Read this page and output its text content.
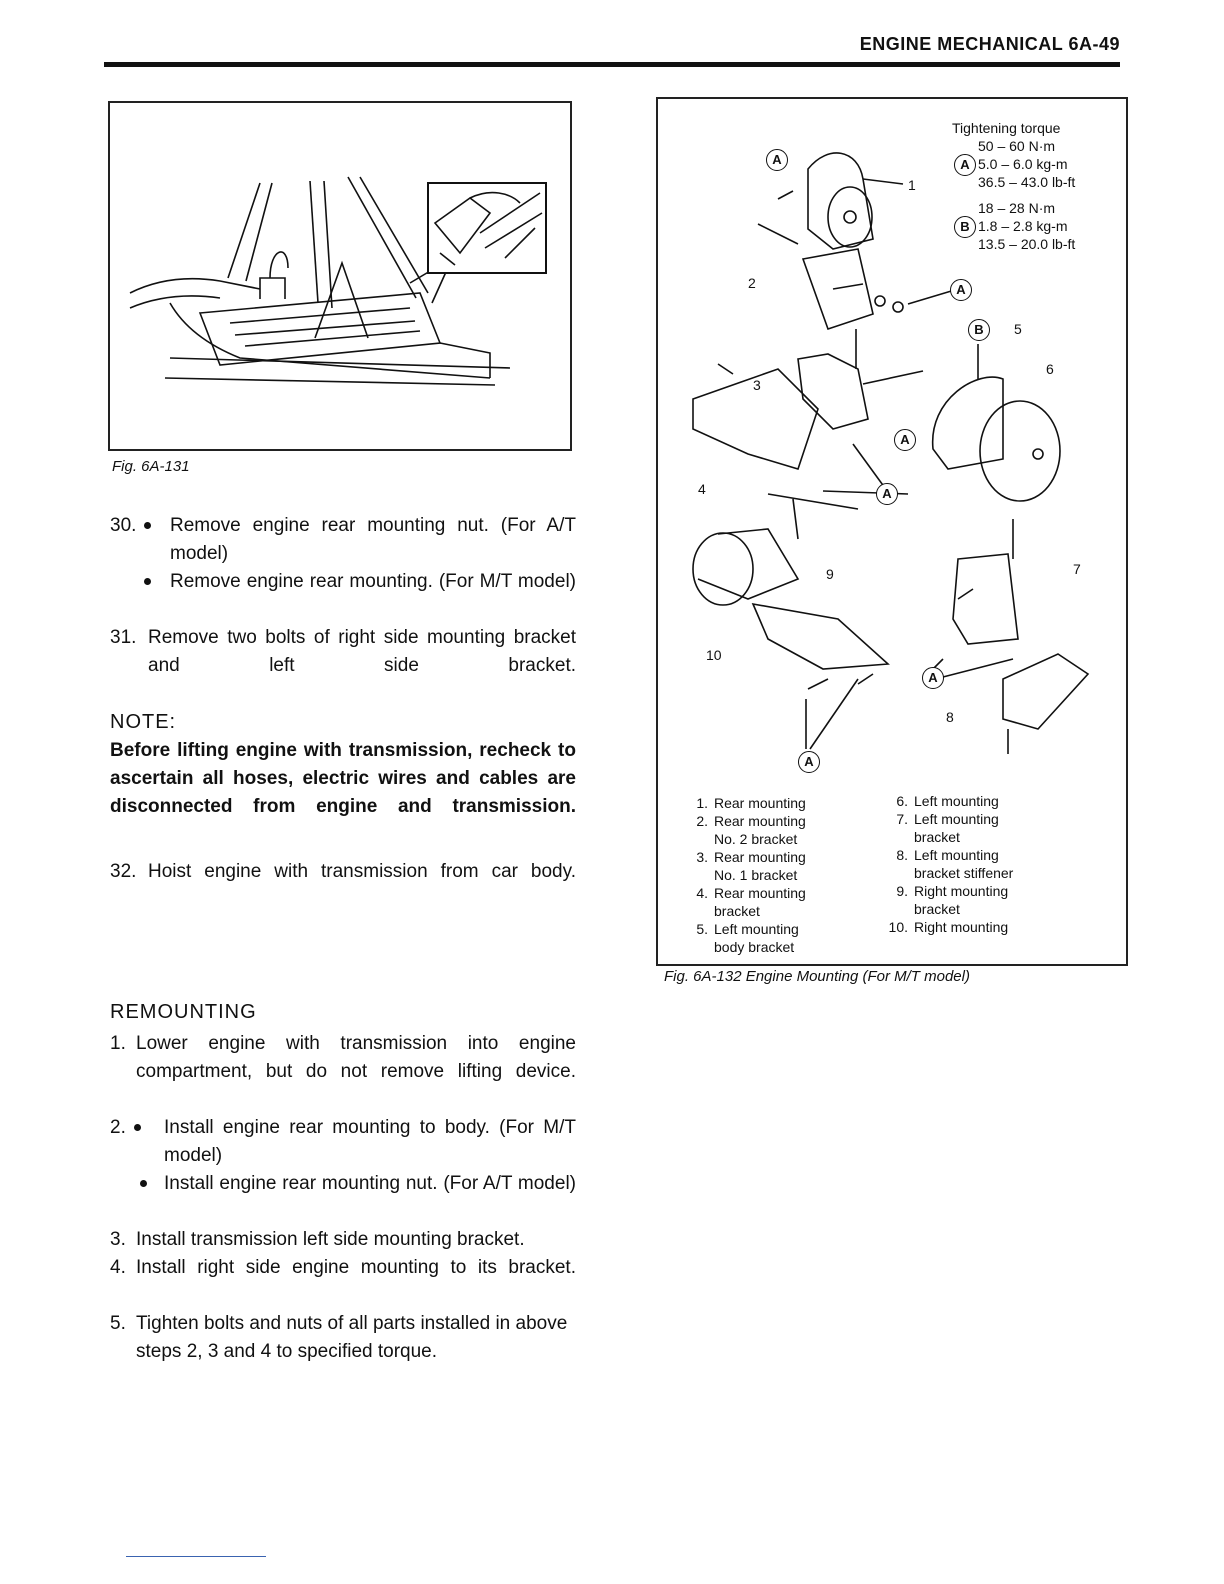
ENGINE MECHANICAL 6A-49
Fig. 6A-131
30.	Remove engine rear mounting nut. (For A/T model)
Remove engine rear mounting. (For M/T model)
31. Remove two bolts of right side mounting bracket and left side bracket.
NOTE:
Before lifting engine with transmission, recheck to ascertain all hoses, electric wires and cables are disconnected from engine and transmission.
32. Hoist engine with transmission from car body.
REMOUNTING
1. Lower engine with transmission into engine compartment, but do not remove lifting device.
2.	Install engine rear mounting to body. (For M/T model)
Install engine rear mounting nut. (For A/T model)
3. Install transmission left side mounting bracket.
4. Install right side engine mounting to its bracket.
5. Tighten bolts and nuts of all parts installed in above steps 2, 3 and 4 to specified torque.
Tightening torque
50 – 60 N·m
A 5.0 – 6.0 kg-m
36.5 – 43.0 lb-ft
18 – 28 N·m
B 1.8 – 2.8 kg-m
13.5 – 20.0 lb-ft
A
A
B
A
A
A
A
1
2
3
4
5
6
7
8
9
10
1. Rear mounting
2. Rear mounting
No. 2 bracket
3. Rear mounting
No. 1 bracket
4. Rear mounting
bracket
5. Left mounting
body bracket
6. Left mounting
7. Left mounting
bracket
8. Left mounting
bracket stiffener
9. Right mounting
bracket
10. Right mounting
Fig. 6A-132 Engine Mounting (For M/T model)
